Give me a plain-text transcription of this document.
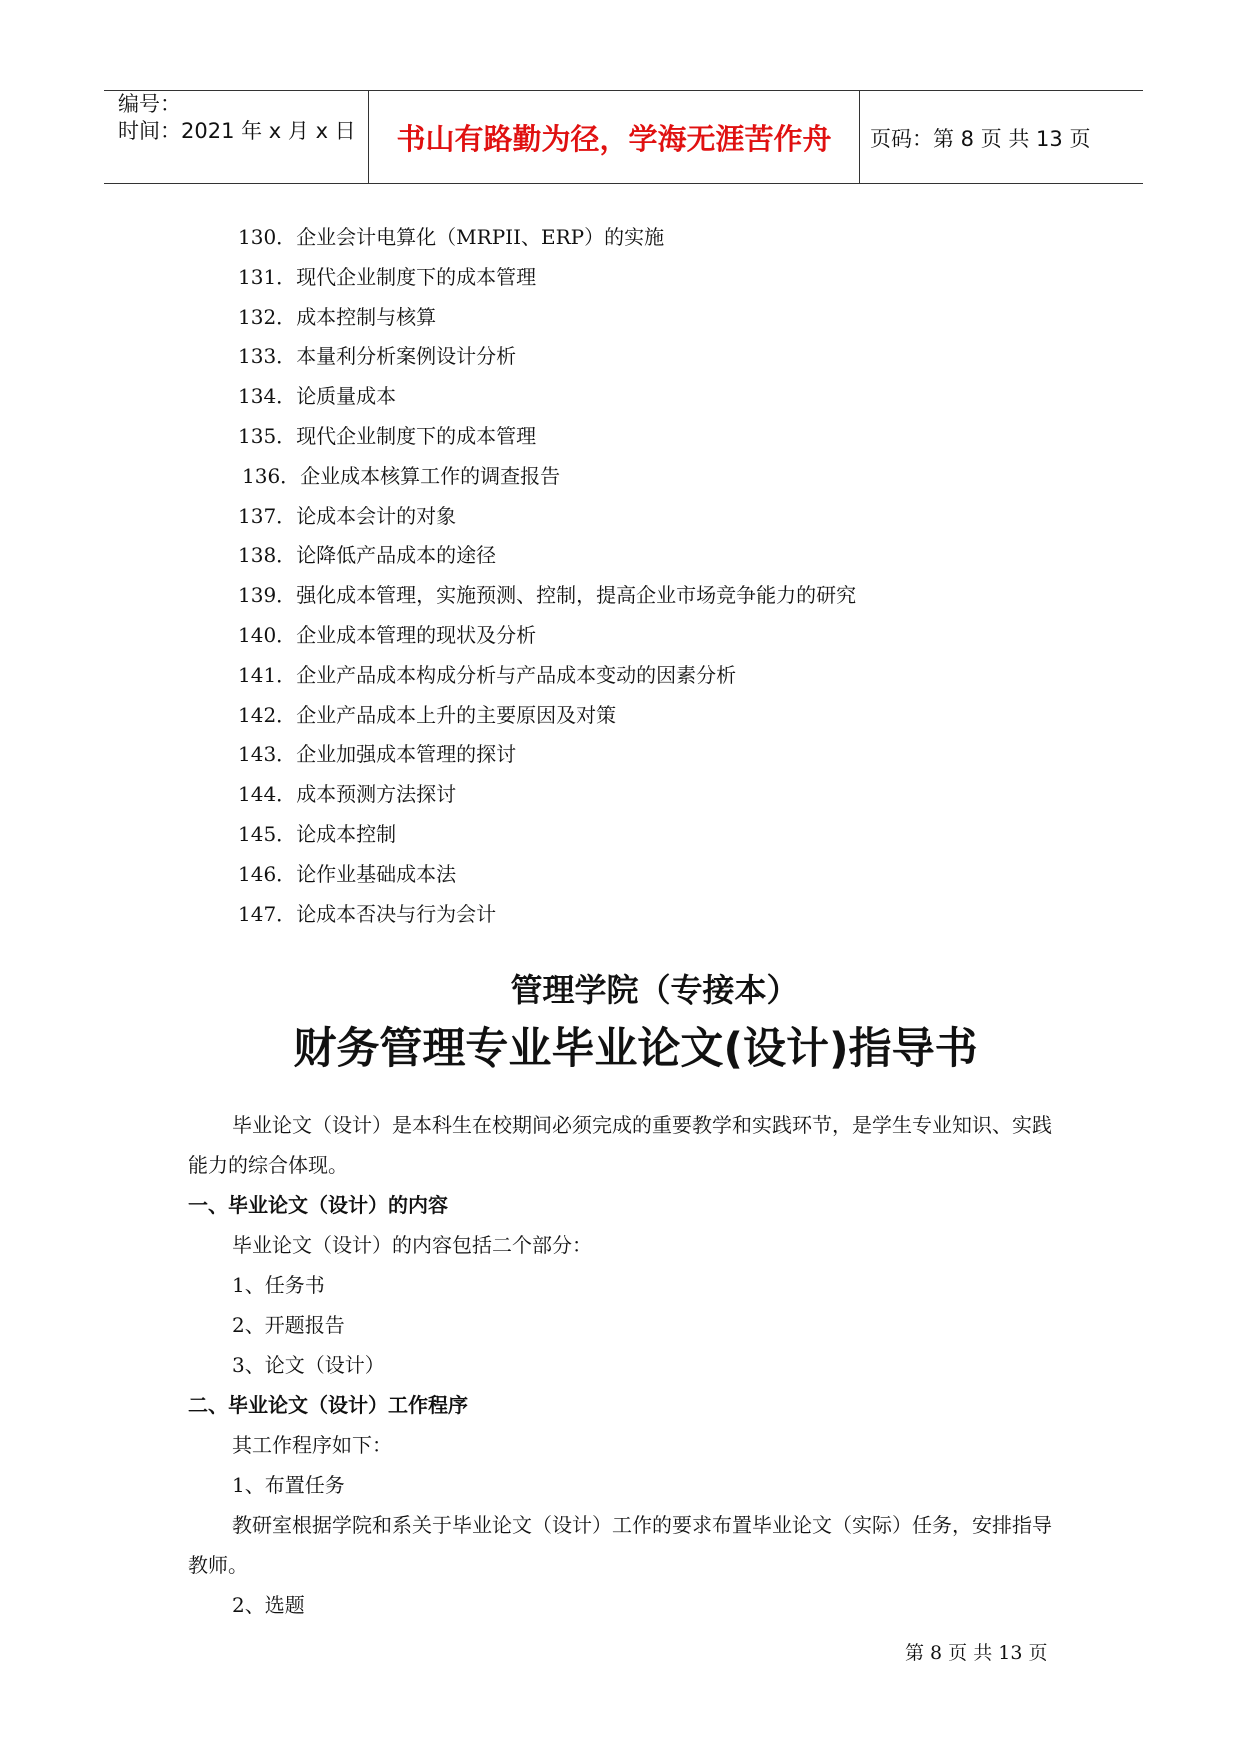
编号：
时间：2021 年 x 月 x 日	书山有路勤为径，学海无涯苦作舟	页码：第 8 页 共 13 页
130．企业会计电算化（MRPII、ERP）的实施
131．现代企业制度下的成本管理
132．成本控制与核算
133．本量利分析案例设计分析
134．论质量成本
135．现代企业制度下的成本管理
136．企业成本核算工作的调查报告
137．论成本会计的对象
138．论降低产品成本的途径
139．强化成本管理，实施预测、控制，提高企业市场竞争能力的研究
140．企业成本管理的现状及分析
141．企业产品成本构成分析与产品成本变动的因素分析
142．企业产品成本上升的主要原因及对策
143．企业加强成本管理的探讨
144．成本预测方法探讨
145．论成本控制
146．论作业基础成本法
147．论成本否决与行为会计
管理学院（专接本）
财务管理专业毕业论文(设计)指导书

毕业论文（设计）是本科生在校期间必须完成的重要教学和实践环节，是学生专业知识、实践能力的综合体现。

一、毕业论文（设计）的内容

毕业论文（设计）的内容包括二个部分：

1、任务书

2、开题报告

3、论文（设计）

二、毕业论文（设计）工作程序

其工作程序如下：

1、布置任务

教研室根据学院和系关于毕业论文（设计）工作的要求布置毕业论文（实际）任务，安排指导教师。

2、选题

第 8 页 共 13 页
